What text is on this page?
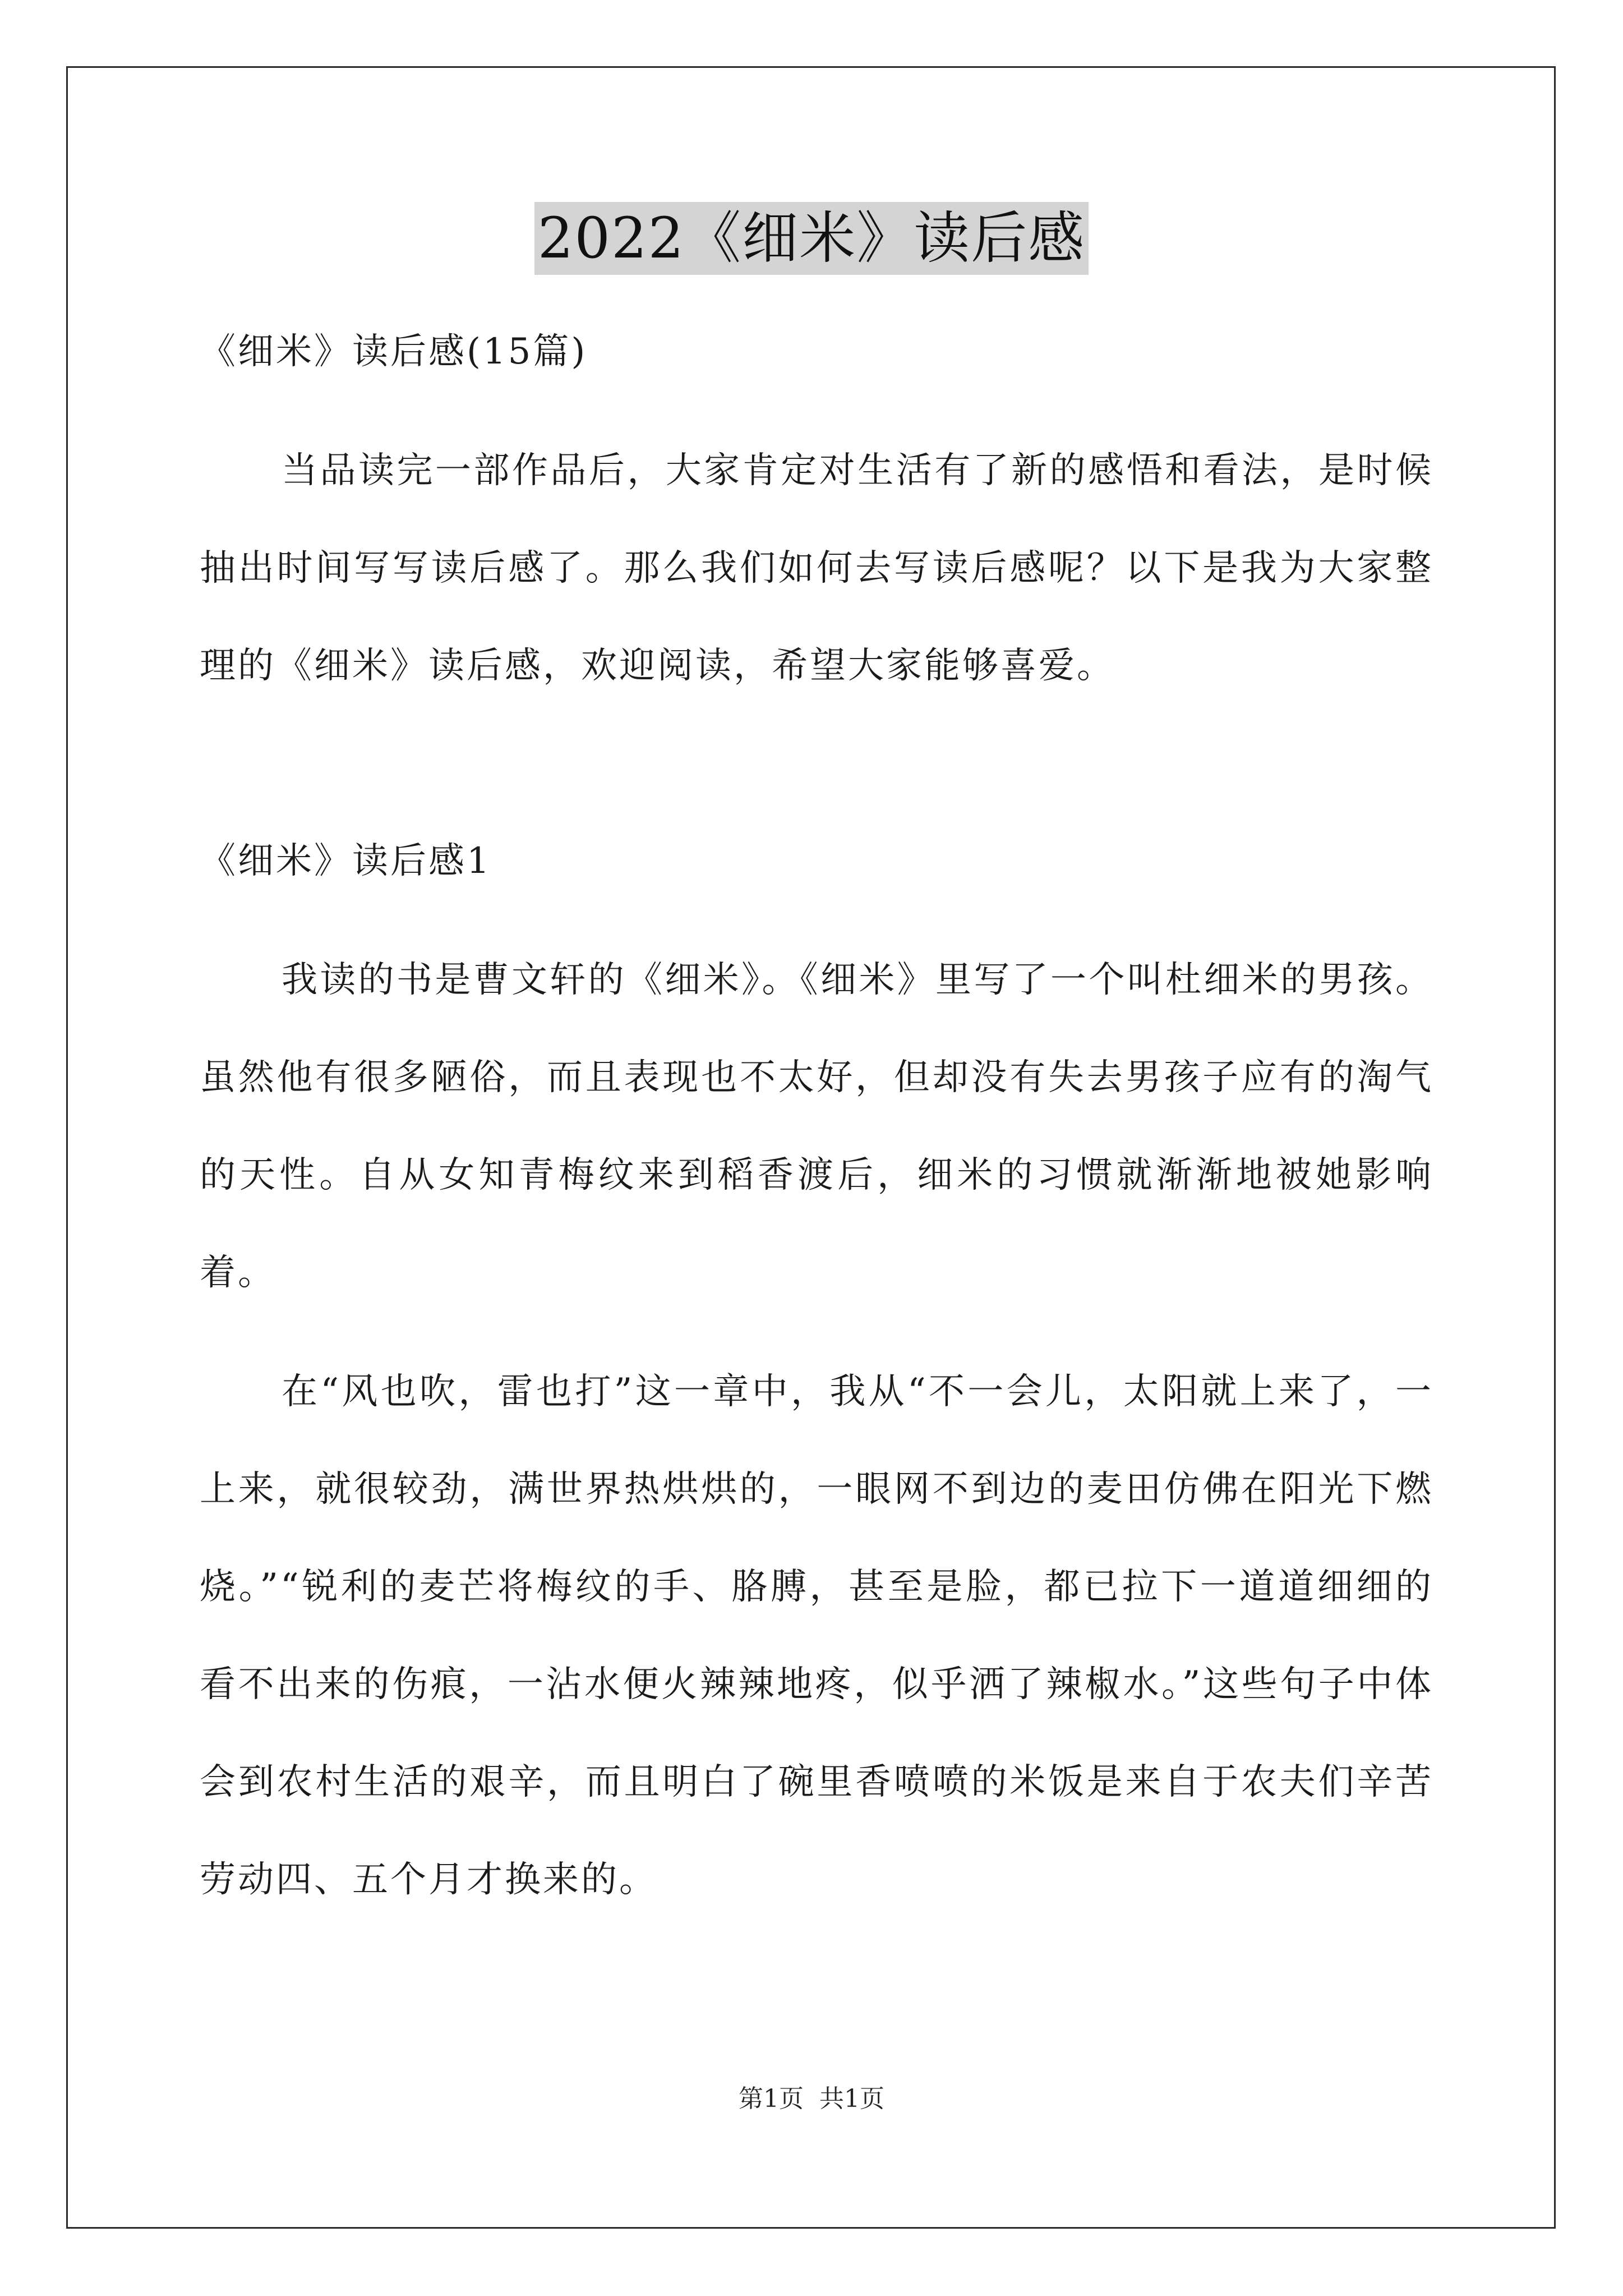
2022《细米》读后感

《细米》读后感(15篇)

当品读完一部作品后，大家肯定对生活有了新的感悟和看法，是时候抽出时间写写读后感了。那么我们如何去写读后感呢？以下是我为大家整理的《细米》读后感，欢迎阅读，希望大家能够喜爱。

《细米》读后感1

我读的书是曹文轩的《细米》。《细米》里写了一个叫杜细米的男孩。虽然他有很多陋俗，而且表现也不太好，但却没有失去男孩子应有的淘气的天性。自从女知青梅纹来到稻香渡后，细米的习惯就渐渐地被她影响着。

在“风也吹，雷也打”这一章中，我从“不一会儿，太阳就上来了，一上来，就很较劲，满世界热烘烘的，一眼网不到边的麦田仿佛在阳光下燃烧。”“锐利的麦芒将梅纹的手、胳膊，甚至是脸，都已拉下一道道细细的看不出来的伤痕，一沾水便火辣辣地疼，似乎洒了辣椒水。”这些句子中体会到农村生活的艰辛，而且明白了碗里香喷喷的米饭是来自于农夫们辛苦劳动四、五个月才换来的。

第1页 共1页
